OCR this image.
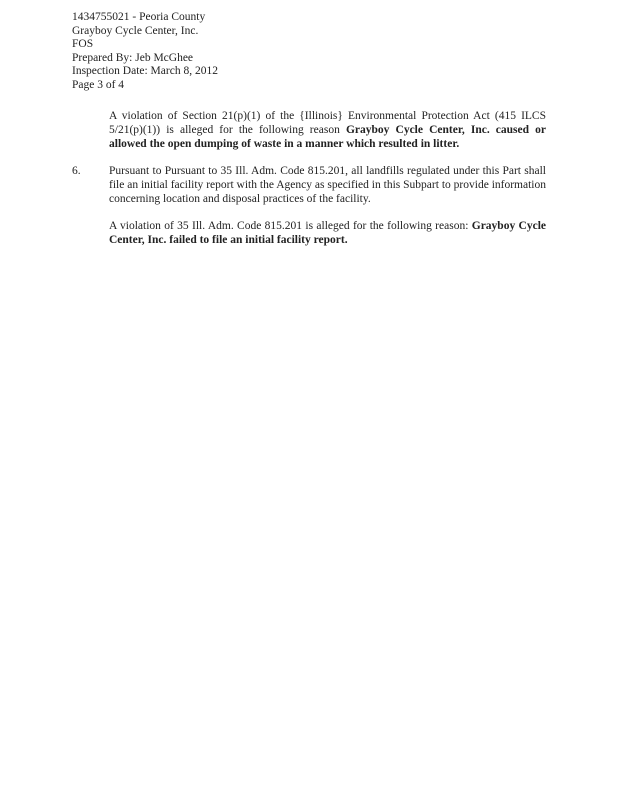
1434755021 - Peoria County
Grayboy Cycle Center, Inc.
FOS
Prepared By: Jeb McGhee
Inspection Date: March 8, 2012
Page 3 of 4
A violation of Section 21(p)(1) of the {Illinois} Environmental Protection Act (415 ILCS 5/21(p)(1)) is alleged for the following reason Grayboy Cycle Center, Inc. caused or allowed the open dumping of waste in a manner which resulted in litter.
6. Pursuant to Pursuant to 35 Ill. Adm. Code 815.201, all landfills regulated under this Part shall file an initial facility report with the Agency as specified in this Subpart to provide information concerning location and disposal practices of the facility.
A violation of 35 Ill. Adm. Code 815.201 is alleged for the following reason: Grayboy Cycle Center, Inc. failed to file an initial facility report.
